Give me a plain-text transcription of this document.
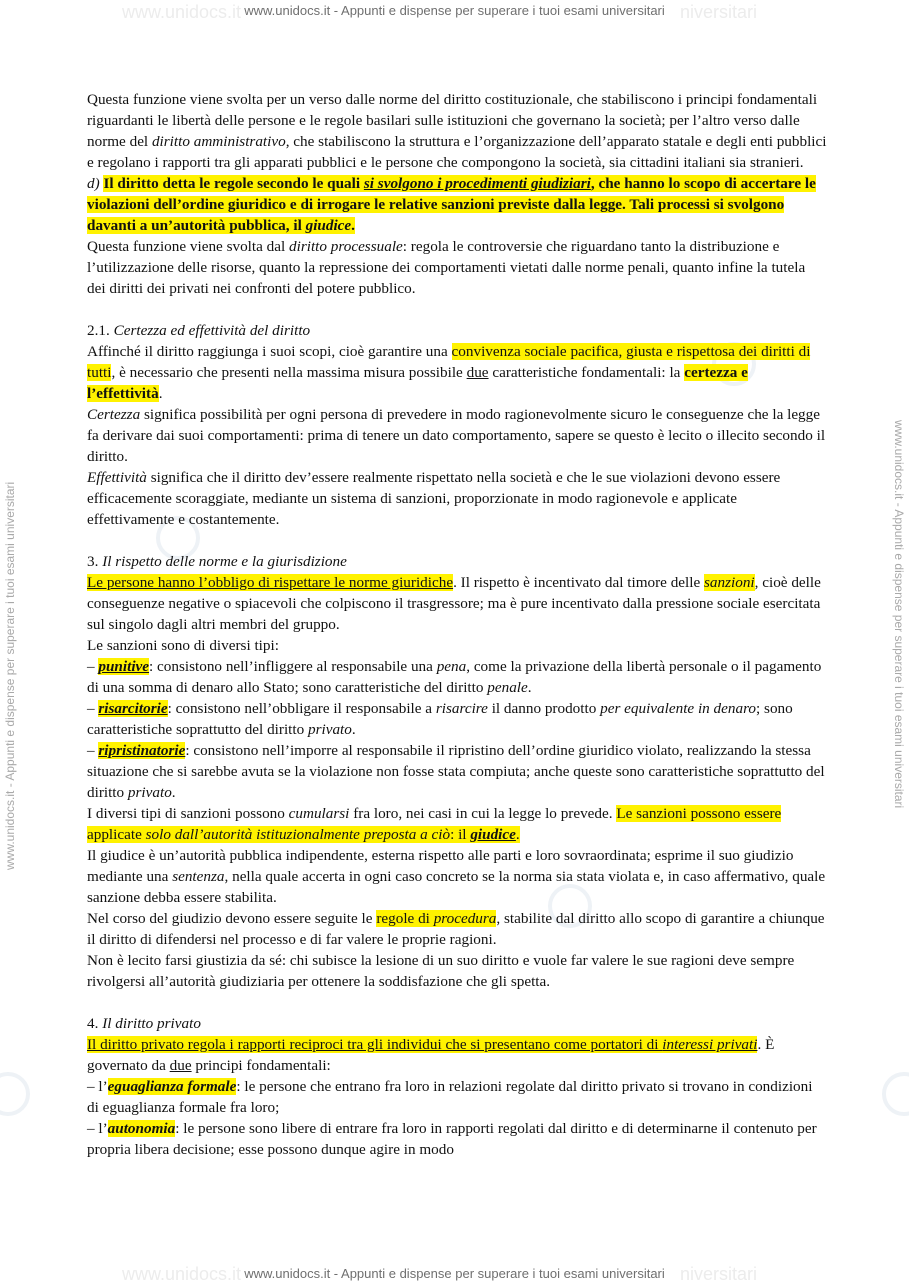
www.unidocs.it	niversitari
www.unidocs.it	niversitari
www.unidocs.it - Appunti e dispense per superare i tuoi esami universitari
www.unidocs.it - Appunti e dispense per superare i tuoi esami universitari	www.unidocs.it - Appunti e dispense per superare i tuoi esami universitari

Questa funzione viene svolta per un verso dalle norme del diritto costituzionale, che stabiliscono i principi fondamentali riguardanti le libertà delle persone e le regole basilari sulle istituzioni che governano la società; per l’altro verso dalle norme del diritto amministrativo, che stabiliscono la struttura e l’organizzazione dell’apparato statale e degli enti pubblici e regolano i rapporti tra gli apparati pubblici e le persone che compongono la società, sia cittadini italiani sia stranieri.

d) Il diritto detta le regole secondo le quali si svolgono i procedimenti giudiziari, che hanno lo scopo di accertare le violazioni dell’ordine giuridico e di irrogare le relative sanzioni previste dalla legge. Tali processi si svolgono davanti a un’autorità pubblica, il giudice.

Questa funzione viene svolta dal diritto processuale: regola le controversie che riguardano tanto la distribuzione e l’utilizzazione delle risorse, quanto la repressione dei comportamenti vietati dalle norme penali, quanto infine la tutela dei diritti dei privati nei confronti del potere pubblico.

2.1. Certezza ed effettività del diritto

Affinché il diritto raggiunga i suoi scopi, cioè garantire una convivenza sociale pacifica, giusta e rispettosa dei diritti di tutti, è necessario che presenti nella massima misura possibile due caratteristiche fondamentali: la certezza e l’effettività.

Certezza significa possibilità per ogni persona di prevedere in modo ragionevolmente sicuro le conseguenze che la legge fa derivare dai suoi comportamenti: prima di tenere un dato comportamento, sapere se questo è lecito o illecito secondo il diritto.

Effettività significa che il diritto dev’essere realmente rispettato nella società e che le sue violazioni devono essere efficacemente scoraggiate, mediante un sistema di sanzioni, proporzionate in modo ragionevole e applicate effettivamente e costantemente.

3. Il rispetto delle norme e la giurisdizione

Le persone hanno l’obbligo di rispettare le norme giuridiche. Il rispetto è incentivato dal timore delle sanzioni, cioè delle conseguenze negative o spiacevoli che colpiscono il trasgressore; ma è pure incentivato dalla pressione sociale esercitata sul singolo dagli altri membri del gruppo.

Le sanzioni sono di diversi tipi:

– punitive: consistono nell’infliggere al responsabile una pena, come la privazione della libertà personale o il pagamento di una somma di denaro allo Stato; sono caratteristiche del diritto penale.

– risarcitorie: consistono nell’obbligare il responsabile a risarcire il danno prodotto per equivalente in denaro; sono caratteristiche soprattutto del diritto privato.

– ripristinatorie: consistono nell’imporre al responsabile il ripristino dell’ordine giuridico violato, realizzando la stessa situazione che si sarebbe avuta se la violazione non fosse stata compiuta; anche queste sono caratteristiche soprattutto del diritto privato.

I diversi tipi di sanzioni possono cumularsi fra loro, nei casi in cui la legge lo prevede. Le sanzioni possono essere applicate solo dall’autorità istituzionalmente preposta a ciò: il giudice.

Il giudice è un’autorità pubblica indipendente, esterna rispetto alle parti e loro sovraordinata; esprime il suo giudizio mediante una sentenza, nella quale accerta in ogni caso concreto se la norma sia stata violata e, in caso affermativo, quale sanzione debba essere stabilita.

Nel corso del giudizio devono essere seguite le regole di procedura, stabilite dal diritto allo scopo di garantire a chiunque il diritto di difendersi nel processo e di far valere le proprie ragioni.

Non è lecito farsi giustizia da sé: chi subisce la lesione di un suo diritto e vuole far valere le sue ragioni deve sempre rivolgersi all’autorità giudiziaria per ottenere la soddisfazione che gli spetta.

4. Il diritto privato

Il diritto privato regola i rapporti reciproci tra gli individui che si presentano come portatori di interessi privati. È governato da due principi fondamentali:

– l’eguaglianza formale: le persone che entrano fra loro in relazioni regolate dal diritto privato si trovano in condizioni di eguaglianza formale fra loro;

– l’autonomia: le persone sono libere di entrare fra loro in rapporti regolati dal diritto e di determinarne il contenuto per propria libera decisione; esse possono dunque agire in modo

www.unidocs.it - Appunti e dispense per superare i tuoi esami universitari
